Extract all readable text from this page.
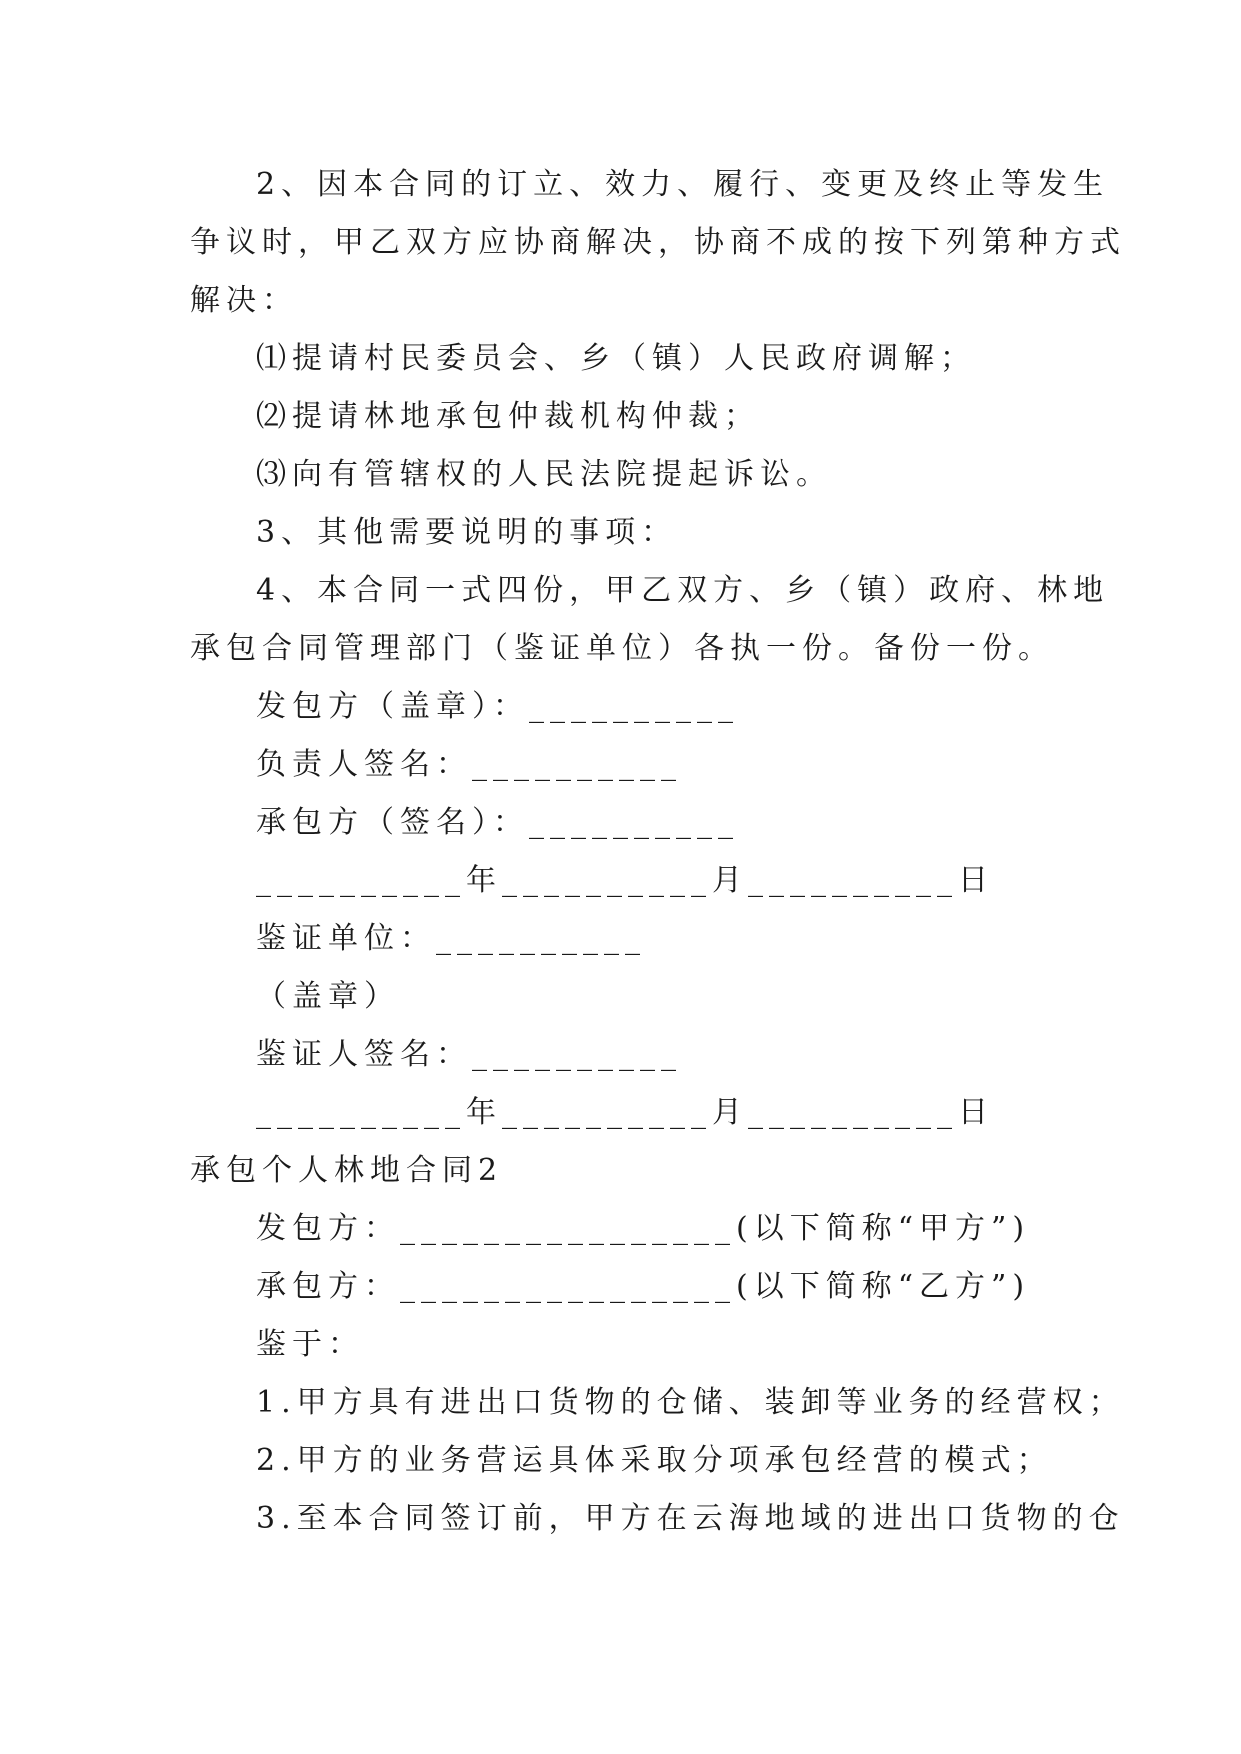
2、因本合同的订立、效力、履行、变更及终止等发生
争议时，甲乙双方应协商解决，协商不成的按下列第种方式
解决：
⑴提请村民委员会、乡（镇）人民政府调解；
⑵提请林地承包仲裁机构仲裁；
⑶向有管辖权的人民法院提起诉讼。
3、其他需要说明的事项：
4、本合同一式四份，甲乙双方、乡（镇）政府、林地
承包合同管理部门（鉴证单位）各执一份。备份一份。
发包方（盖章）：__________
负责人签名：__________
承包方（签名）：__________
__________年__________月__________日
鉴证单位：__________
（盖章）
鉴证人签名：__________
__________年__________月__________日
承包个人林地合同2
发包方：________________(以下简称“甲方”)
承包方：________________(以下简称“乙方”)
鉴于：
1.甲方具有进出口货物的仓储、装卸等业务的经营权；
2.甲方的业务营运具体采取分项承包经营的模式；
3.至本合同签订前，甲方在云海地域的进出口货物的仓
